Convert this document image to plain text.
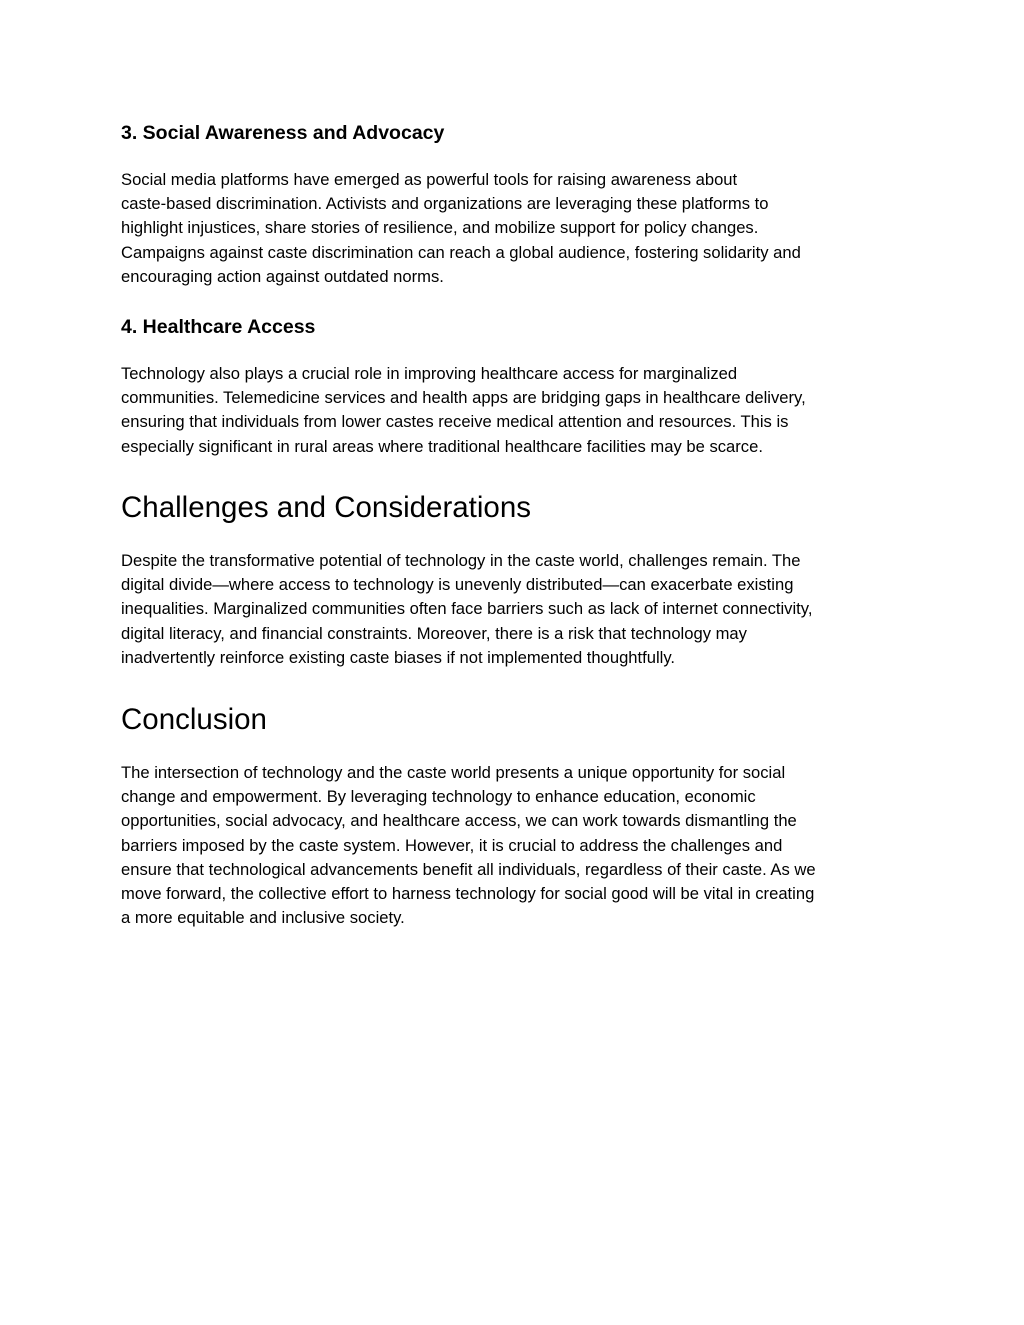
3. Social Awareness and Advocacy

Social media platforms have emerged as powerful tools for raising awareness about
caste-based discrimination. Activists and organizations are leveraging these platforms to
highlight injustices, share stories of resilience, and mobilize support for policy changes.
Campaigns against caste discrimination can reach a global audience, fostering solidarity and
encouraging action against outdated norms.

4. Healthcare Access

Technology also plays a crucial role in improving healthcare access for marginalized
communities. Telemedicine services and health apps are bridging gaps in healthcare delivery,
ensuring that individuals from lower castes receive medical attention and resources. This is
especially significant in rural areas where traditional healthcare facilities may be scarce.

Challenges and Considerations

Despite the transformative potential of technology in the caste world, challenges remain. The
digital divide—where access to technology is unevenly distributed—can exacerbate existing
inequalities. Marginalized communities often face barriers such as lack of internet connectivity,
digital literacy, and financial constraints. Moreover, there is a risk that technology may
inadvertently reinforce existing caste biases if not implemented thoughtfully.

Conclusion

The intersection of technology and the caste world presents a unique opportunity for social
change and empowerment. By leveraging technology to enhance education, economic
opportunities, social advocacy, and healthcare access, we can work towards dismantling the
barriers imposed by the caste system. However, it is crucial to address the challenges and
ensure that technological advancements benefit all individuals, regardless of their caste. As we
move forward, the collective effort to harness technology for social good will be vital in creating
a more equitable and inclusive society.
